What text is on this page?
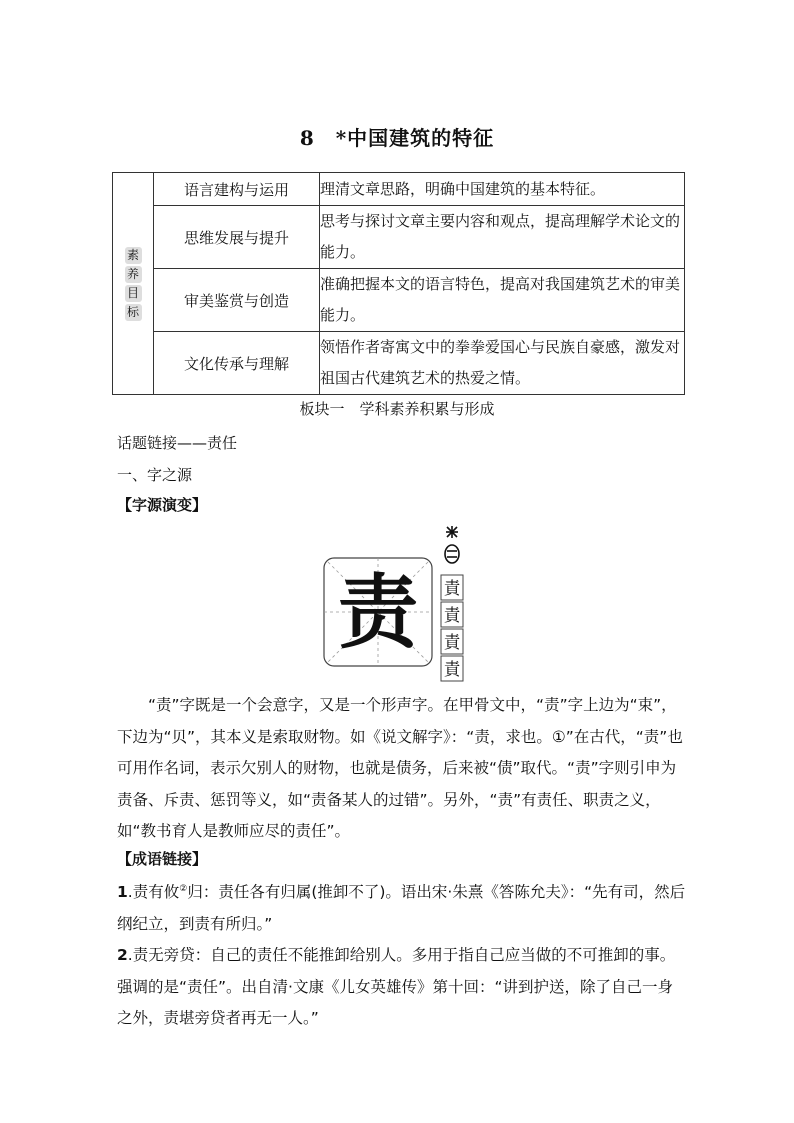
8　*中国建筑的特征
素
养
目
标	语言建构与运用	理清文章思路，明确中国建筑的基本特征。
	思维发展与提升	思考与探讨文章主要内容和观点，提高理解学术论文的能力。
	审美鉴赏与创造	准确把握本文的语言特色，提高对我国建筑艺术的审美能力。
	文化传承与理解	领悟作者寄寓文中的拳拳爱国心与民族自豪感，激发对祖国古代建筑艺术的热爱之情。
板块一　学科素养积累与形成
话题链接——责任
一、字之源
【字源演变】
责 責
責
責
責

“责”字既是一个会意字，又是一个形声字。在甲骨文中，“责”字上边为“束”，下边为“贝”，其本义是索取财物。如《说文解字》：“责，求也。①”在古代，“责”也可用作名词，表示欠别人的财物，也就是债务，后来被“债”取代。“责”字则引申为责备、斥责、惩罚等义，如“责备某人的过错”。另外，“责”有责任、职责之义，如“教书育人是教师应尽的责任”。

【成语链接】

1.责有攸②归：责任各有归属(推卸不了)。语出宋·朱熹《答陈允夫》：“先有司，然后纲纪立，到责有所归。”

2.责无旁贷：自己的责任不能推卸给别人。多用于指自己应当做的不可推卸的事。强调的是“责任”。出自清·文康《儿女英雄传》第十回：“讲到护送，除了自己一身之外，责堪旁贷者再无一人。”
